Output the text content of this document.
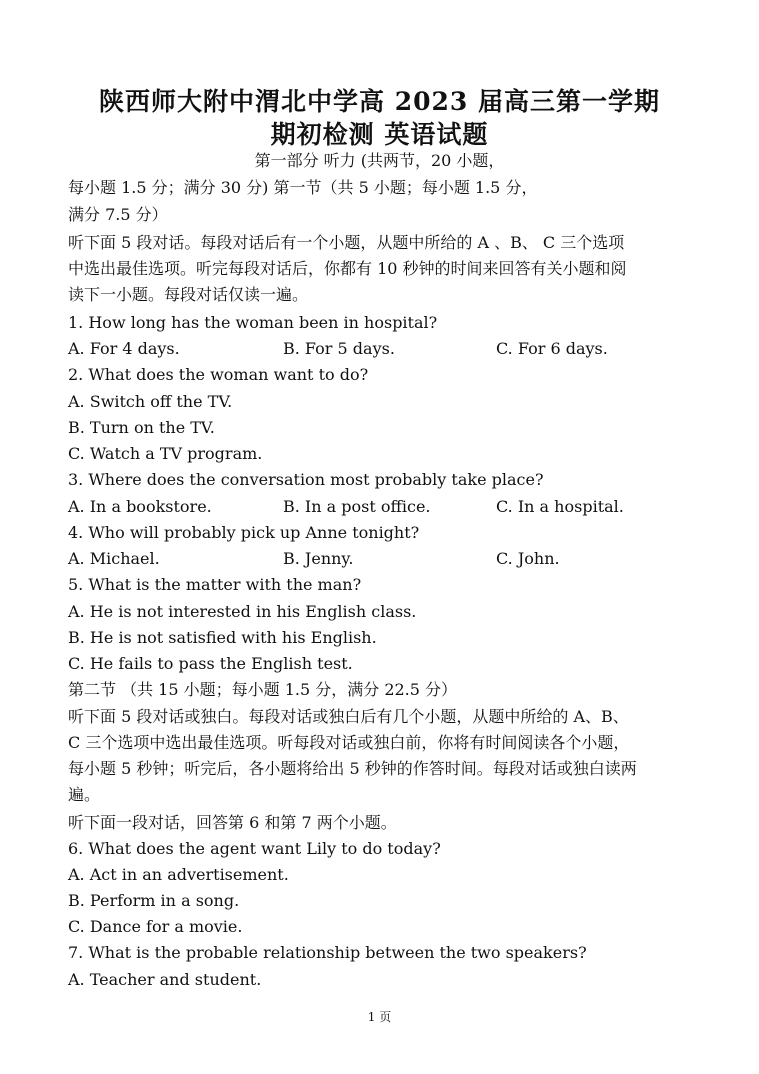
陕西师大附中渭北中学高 2023 届高三第一学期
期初检测 英语试题

第一部分 听力 (共两节，20 小题，

每小题 1.5 分；满分 30 分) 第一节（共 5 小题；每小题 1.5 分，

满分 7.5 分）

听下面 5 段对话。每段对话后有一个小题，从题中所给的 A 、B、 C 三个选项

中选出最佳选项。听完每段对话后，你都有 10 秒钟的时间来回答有关小题和阅

读下一小题。每段对话仅读一遍。

1. How long has the woman been in hospital?

A. For 4 days.	B. For 5 days.	C. For 6 days.

2. What does the woman want to do?

A. Switch off the TV.

B. Turn on the TV.

C. Watch a TV program.

3. Where does the conversation most probably take place?

A. In a bookstore.	B. In a post office.	C. In a hospital.

4. Who will probably pick up Anne tonight?

A. Michael.	B. Jenny.	C. John.

5. What is the matter with the man?

A. He is not interested in his English class.

B. He is not satisfied with his English.

C. He fails to pass the English test.

第二节 （共 15 小题；每小题 1.5 分，满分 22.5 分）

听下面 5 段对话或独白。每段对话或独白后有几个小题，从题中所给的 A、B、

C 三个选项中选出最佳选项。听每段对话或独白前，你将有时间阅读各个小题，

每小题 5 秒钟；听完后，各小题将给出 5 秒钟的作答时间。每段对话或独白读两

遍。

听下面一段对话，回答第 6 和第 7 两个小题。

6. What does the agent want Lily to do today?

A. Act in an advertisement.

B. Perform in a song.

C. Dance for a movie.

7. What is the probable relationship between the two speakers?

A. Teacher and student.

1 页
